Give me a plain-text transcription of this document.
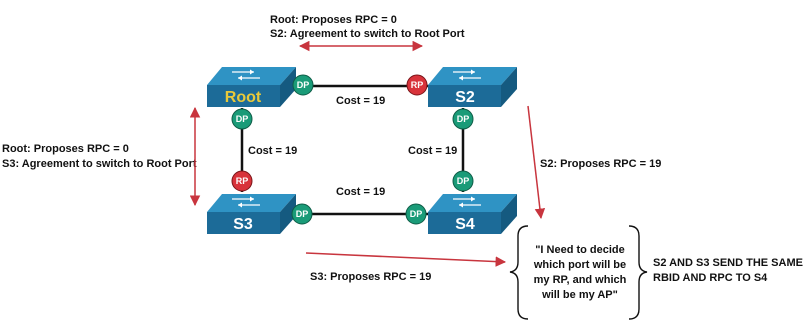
Root	S2
S3	S4
DP	RP
DP	DP
RP	DP
DP	DP
Cost = 19
Cost = 19
Cost = 19	Cost = 19
Root: Proposes RPC = 0
S2: Agreement to switch to Root Port
Root: Proposes RPC = 0
S3: Agreement to switch to Root Port	S2: Proposes RPC = 19
S3: Proposes RPC = 19
"I Need to decide
which port will be
my RP, and which
will be my AP"
S2 AND S3 SEND THE SAME
RBID AND RPC TO S4
